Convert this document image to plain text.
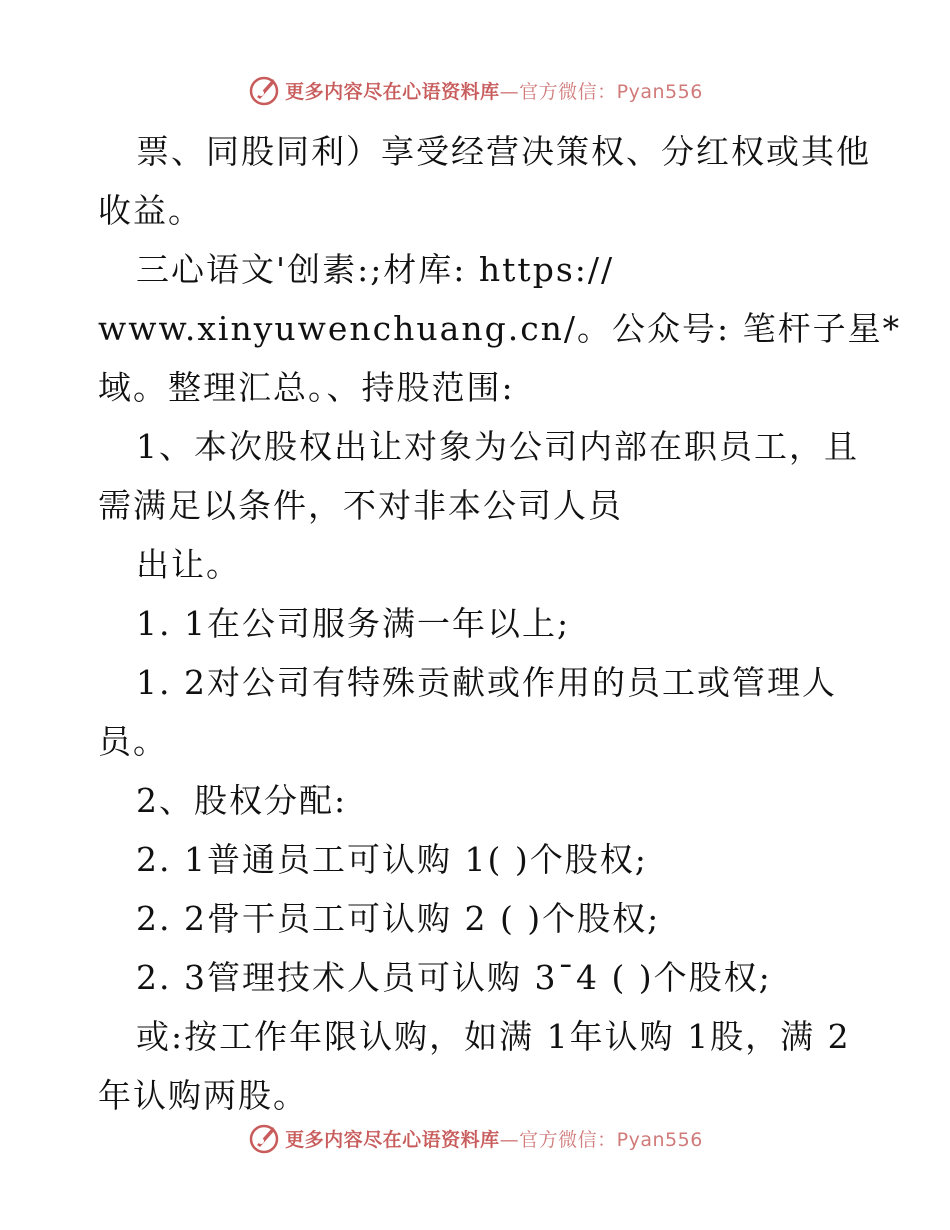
更多内容尽在心语资料库—官方微信：Pyan556
票、同股同利）享受经营决策权、分红权或其他
收益。
三心语文'创素:;材库: https://
www.xinyuwenchuang.cn/。公众号: 笔杆子星*
域。整理汇总。、持股范围:
1、本次股权出让对象为公司内部在职员工，且
需满足以条件，不对非本公司人员
出让。
1. 1在公司服务满一年以上;
1. 2对公司有特殊贡献或作用的员工或管理人
员。
2、股权分配:
2. 1普通员工可认购 1( )个股权;
2. 2骨干员工可认购 2 ( )个股权;
2. 3管理技术人员可认购 3¯4 ( )个股权;
或:按工作年限认购，如满 1年认购 1股，满 2
年认购两股。
更多内容尽在心语资料库—官方微信：Pyan556
